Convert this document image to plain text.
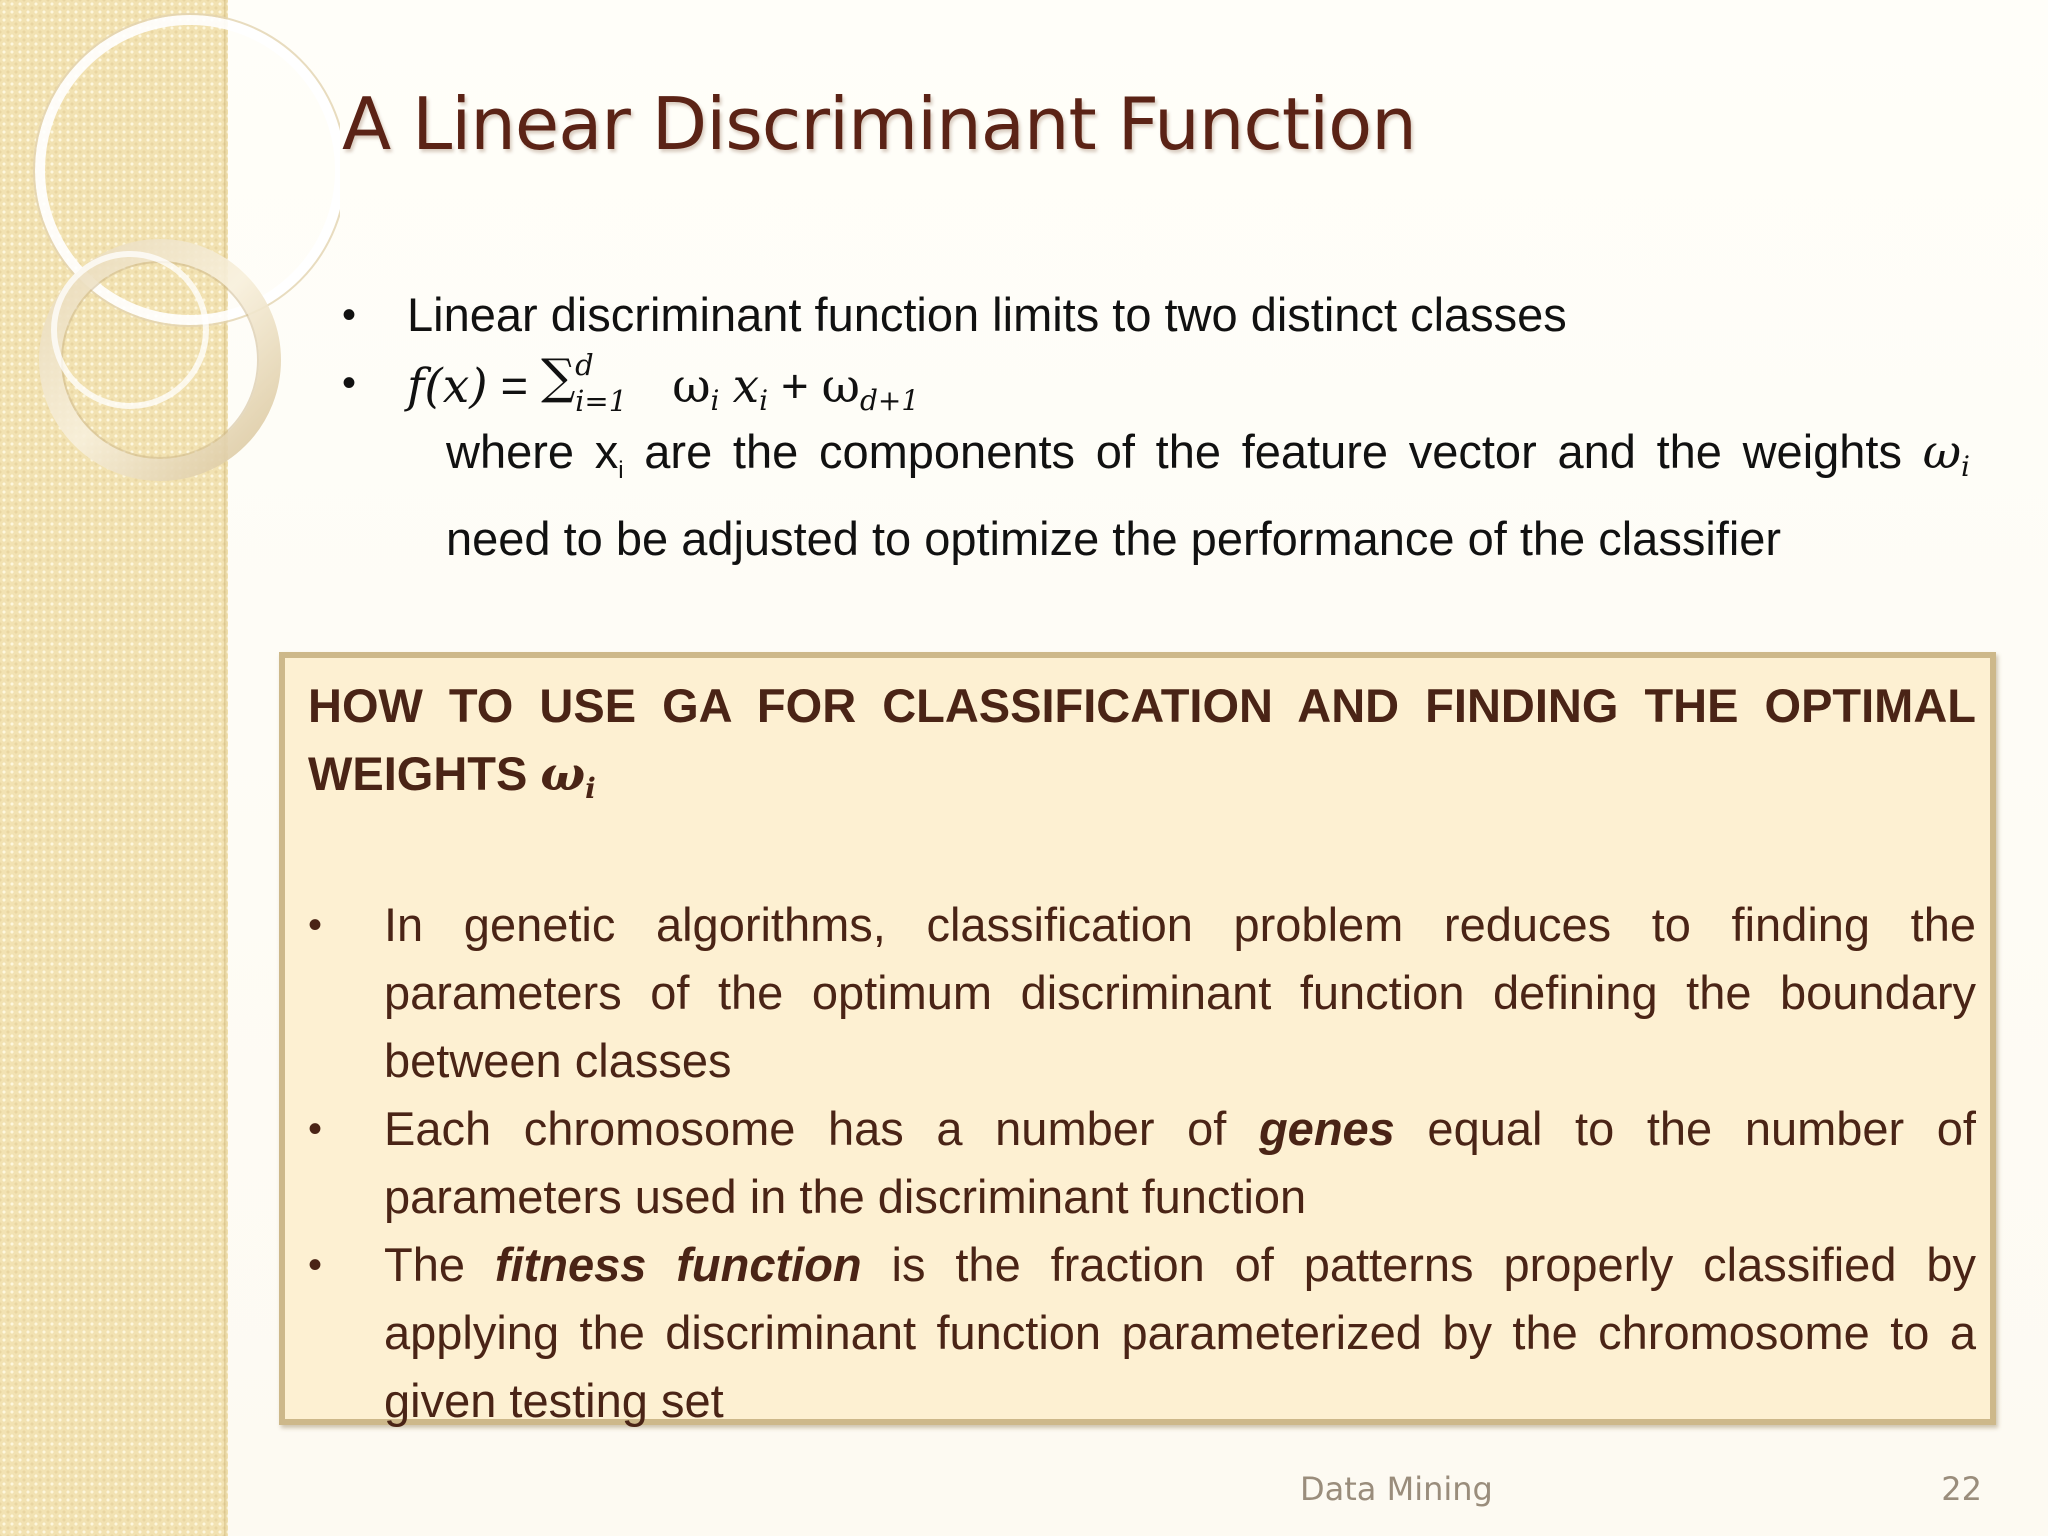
A Linear Discriminant Function
• Linear discriminant function limits to two distinct classes
• f(x) = ∑ d
i=1 $\omega_i$ $x_i + \omega_{d+1}$
where $x_i$ are the components of the feature vector and the weights $\omega_i$ need to be adjusted to optimize the performance of the classifier
HOW TO USE GA FOR CLASSIFICATION AND FINDING THE OPTIMAL WEIGHTS $\omega_i$
• In genetic algorithms, classification problem reduces to finding the parameters of the optimum discriminant function defining the boundary between classes
• Each chromosome has a number of genes equal to the number of parameters used in the discriminant function
• The fitness function is the fraction of patterns properly classified by applying the discriminant function parameterized by the chromosome to a given testing set
Data Mining	22
